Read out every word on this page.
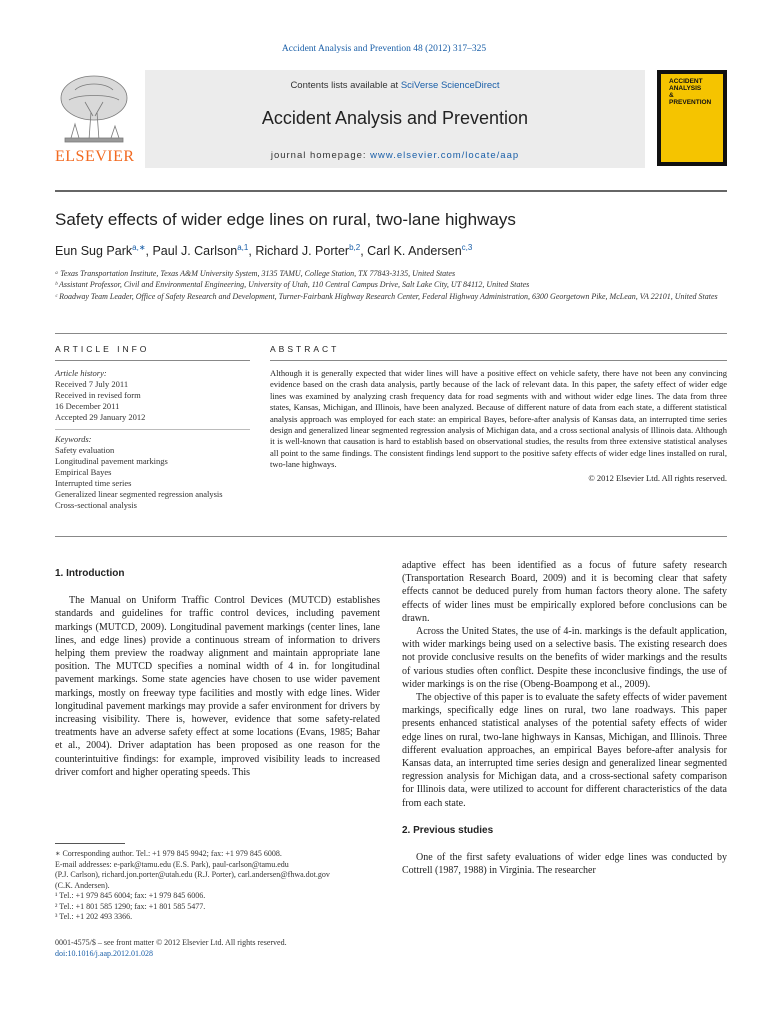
Accident Analysis and Prevention 48 (2012) 317–325
ELSEVIER
Contents lists available at SciVerse ScienceDirect
Accident Analysis and Prevention
journal homepage: www.elsevier.com/locate/aap
ACCIDENT
ANALYSIS
&
PREVENTION
Safety effects of wider edge lines on rural, two-lane highways
Eun Sug Park$^{a,∗}$, Paul J. Carlson$^{a,1}$, Richard J. Porter$^{b,2}$, Carl K. Andersen$^{c,3}$

ᵃ Texas Transportation Institute, Texas A&M University System, 3135 TAMU, College Station, TX 77843-3135, United States

ᵇ Assistant Professor, Civil and Environmental Engineering, University of Utah, 110 Central Campus Drive, Salt Lake City, UT 84112, United States

ᶜ Roadway Team Leader, Office of Safety Research and Development, Turner-Fairbank Highway Research Center, Federal Highway Administration, 6300 Georgetown Pike, McLean, VA 22101, United States

ARTICLE INFO	ABSTRACT

Article history:

Received 7 July 2011

Received in revised form

16 December 2011

Accepted 29 January 2012

Keywords:

Safety evaluation

Longitudinal pavement markings

Empirical Bayes

Interrupted time series

Generalized linear segmented regression analysis

Cross-sectional analysis

Although it is generally expected that wider lines will have a positive effect on vehicle safety, there have not been any convincing evidence based on the crash data analysis, partly because of the lack of relevant data. In this paper, the safety effect of wider edge lines was examined by analyzing crash frequency data for road segments with and without wider edge lines. The data from three states, Kansas, Michigan, and Illinois, have been analyzed. Because of different nature of data from each state, a different statistical analysis approach was employed for each state: an empirical Bayes, before-after analysis of Kansas data, an interrupted time series design and generalized linear segmented regression analysis of Michigan data, and a cross sectional analysis of Illinois data. Although it is well-known that causation is hard to establish based on observational studies, the results from three extensive statistical analyses all point to the same findings. The consistent findings lend support to the positive safety effects of wider edge lines installed on rural, two-lane highways.
© 2012 Elsevier Ltd. All rights reserved.

1. Introduction

The Manual on Uniform Traffic Control Devices (MUTCD) establishes standards and guidelines for traffic control devices, including pavement markings (MUTCD, 2009). Longitudinal pavement markings (center lines, lane lines, and edge lines) provide a continuous stream of information to drivers helping them preview the roadway alignment and maintain appropriate lane position. The MUTCD specifies a nominal width of 4 in. for longitudinal pavement markings. Some state agencies have chosen to use wider pavement markings, mostly on freeway type facilities and mostly with edge lines. Wider longitudinal pavement markings may provide a safer environment for drivers by increasing visibility. There is, however, evidence that some safety-related treatments have an adverse safety effect at some locations (Evans, 1985; Bahar et al., 2004). Driver adaptation has been proposed as one reason for the counterintuitive findings: for example, improved visibility leads to increased driver comfort and higher operating speeds. This

∗ Corresponding author. Tel.: +1 979 845 9942; fax: +1 979 845 6008.

E-mail addresses: e-park@tamu.edu (E.S. Park), paul-carlson@tamu.edu

(P.J. Carlson), richard.jon.porter@utah.edu (R.J. Porter), carl.andersen@fhwa.dot.gov

(C.K. Andersen).

¹ Tel.: +1 979 845 6004; fax: +1 979 845 6006.

² Tel.: +1 801 585 1290; fax: +1 801 585 5477.

³ Tel.: +1 202 493 3366.

0001-4575/$ – see front matter © 2012 Elsevier Ltd. All rights reserved.

doi:10.1016/j.aap.2012.01.028

adaptive effect has been identified as a focus of future safety research (Transportation Research Board, 2009) and it is becoming clear that safety effects cannot be deduced purely from human factors theory alone. The safety effects of wider lines must be empirically explored before conclusions can be drawn.

Across the United States, the use of 4-in. markings is the default application, with wider markings being used on a selective basis. The existing research does not provide conclusive results on the benefits of wider markings and the results of various studies often conflict. Despite these inconclusive findings, the use of wider markings is on the rise (Obeng-Boampong et al., 2009).

The objective of this paper is to evaluate the safety effects of wider pavement markings, specifically edge lines on rural, two lane roadways. This paper presents enhanced statistical analyses of the potential safety effects of wider edge lines on rural, two-lane highways in Kansas, Michigan, and Illinois. Three different evaluation approaches, an empirical Bayes before-after analysis for Kansas data, an interrupted time series design and generalized linear segmented regression analysis for Michigan data, and a cross-sectional safety comparison for Illinois data, were utilized to account for different characteristics of the data from each state.

2. Previous studies

One of the first safety evaluations of wider edge lines was conducted by Cottrell (1987, 1988) in Virginia. The researcher
